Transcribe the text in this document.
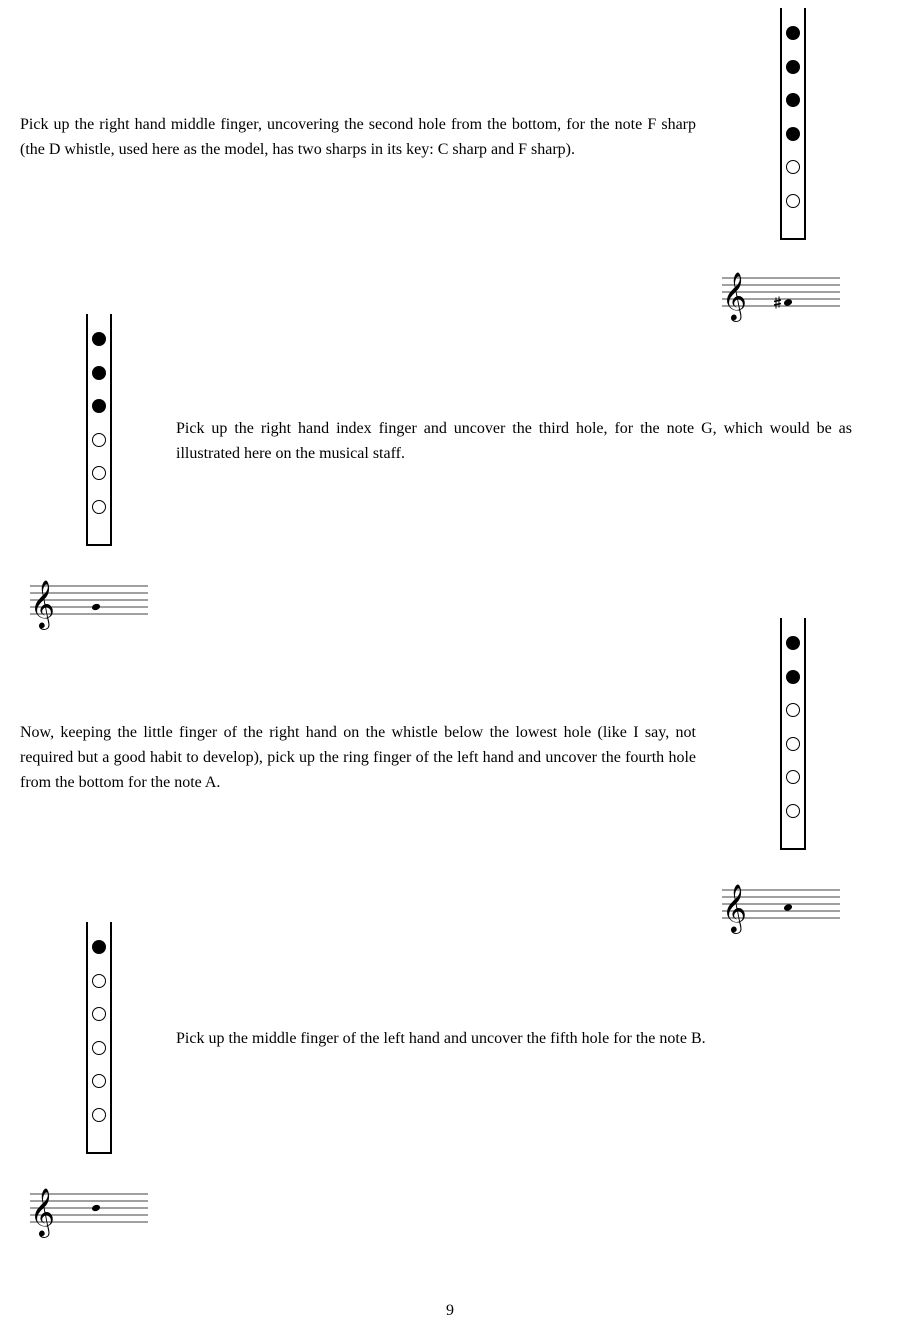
Pick up the right hand middle finger, uncovering the second hole from the bottom, for the note F sharp (the D whistle, used here as the model, has two sharps in its key: C sharp and F sharp).

𝄞

Pick up the right hand index finger and uncover the third hole, for the note G, which would be as illustrated here on the musical staff.

𝄞

Now, keeping the little finger of the right hand on the whistle below the lowest hole (like I say, not required but a good habit to develop), pick up the ring finger of the left hand and uncover the fourth hole from the bottom for the note A.

𝄞

Pick up the middle finger of the left hand and uncover the fifth hole for the note B.

𝄞
9
